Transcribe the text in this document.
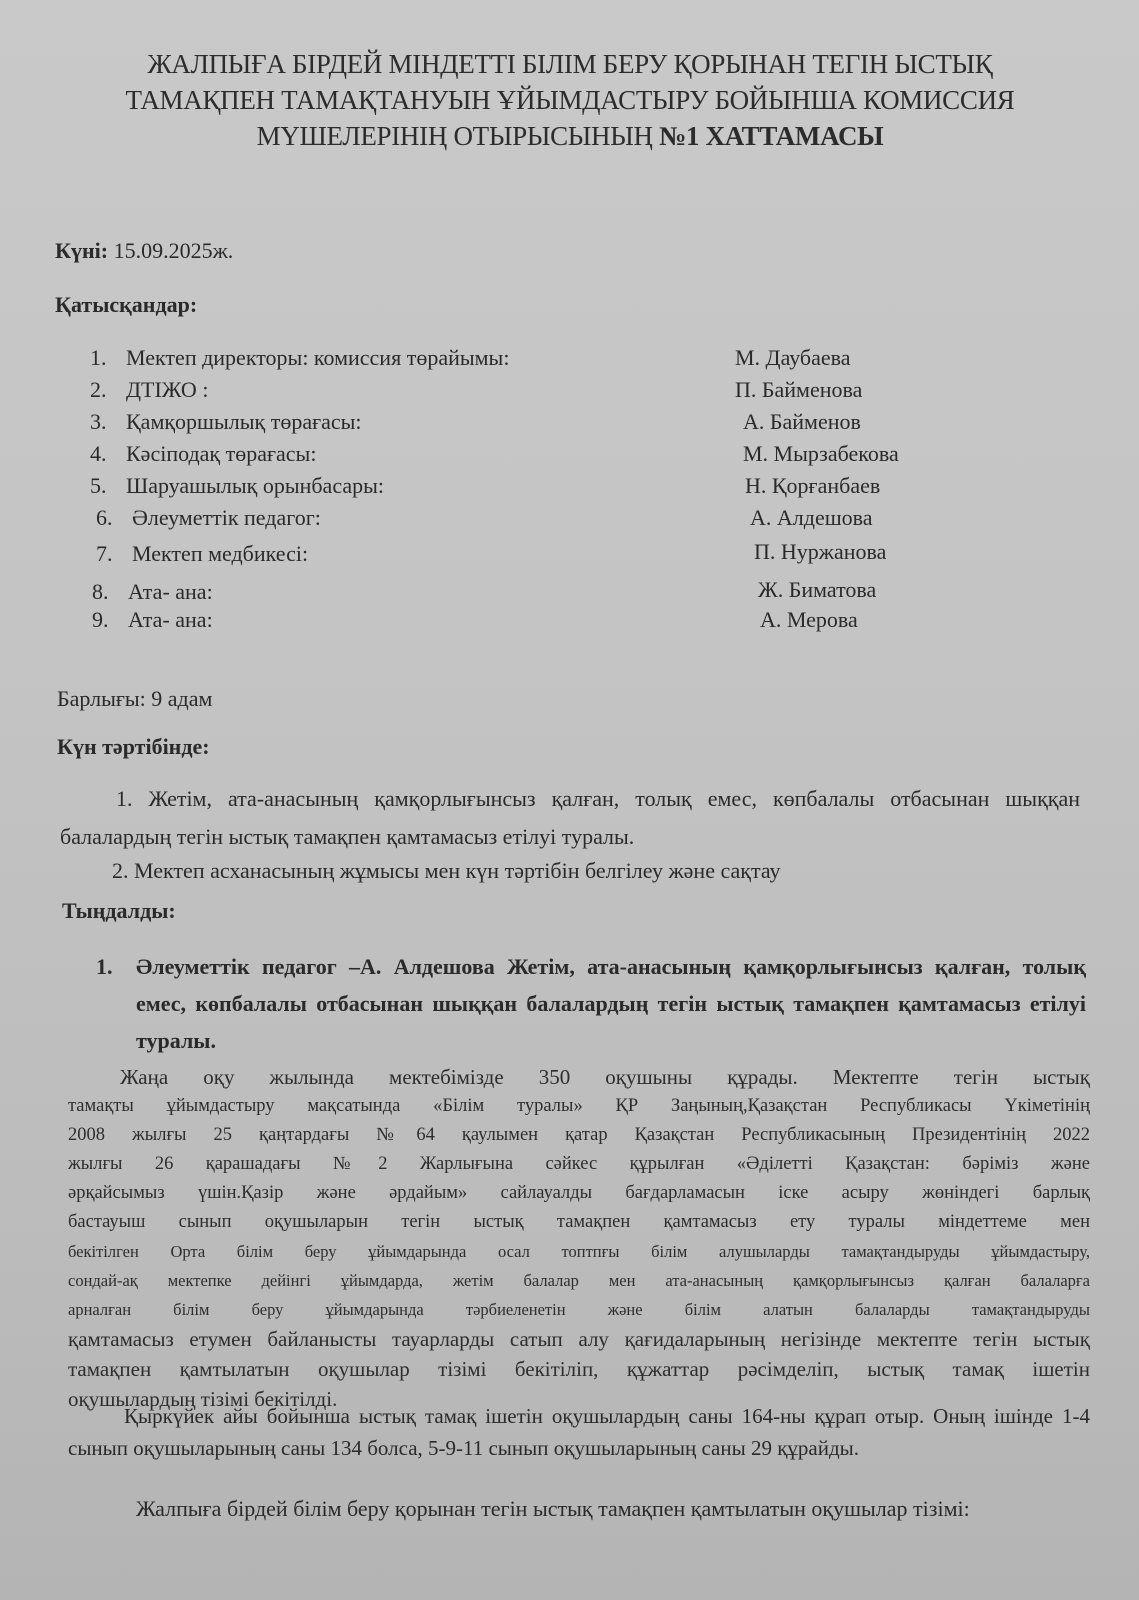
ЖАЛПЫҒА БІРДЕЙ МІНДЕТТІ БІЛІМ БЕРУ ҚОРЫНАН ТЕГІН ЫСТЫҚ
ТАМАҚПЕН ТАМАҚТАНУЫН ҰЙЫМДАСТЫРУ БОЙЫНША КОМИССИЯ
МҮШЕЛЕРІНІҢ ОТЫРЫСЫНЫҢ №1 ХАТТАМАСЫ
Күні: 15.09.2025ж.
Қатысқандар:
1. Мектеп директоры: комиссия төрайымы:	М. Даубаева
2. ДТІЖО :	П. Байменова
3. Қамқоршылық төрағасы:	А. Байменов
4. Кәсіподақ төрағасы:	М. Мырзабекова
5. Шаруашылық орынбасары:	Н. Қорғанбаев
6. Әлеуметтік педагог:	А. Алдешова
7. Мектеп медбикесі:	П. Нуржанова
8. Ата- ана:	Ж. Биматова
9. Ата- ана:	А. Мерова
Барлығы: 9 адам
Күн тәртібінде:
1. Жетім, ата-анасының қамқорлығынсыз қалған, толық емес, көпбалалы отбасынан шыққан балалардың тегін ыстық тамақпен қамтамасыз етілуі туралы.
2. Мектеп асханасының жұмысы мен күн тәртібін белгілеу және сақтау
Тыңдалды:
1. Әлеуметтік педагог –А. Алдешова Жетім, ата-анасының қамқорлығынсыз қалған, толық емес, көпбалалы отбасынан шыққан балалардың тегін ыстық тамақпен қамтамасыз етілуі туралы.
Жаңа оқу жылында мектебімізде 350 оқушыны құрады. Мектепте тегін ыстық
тамақты ұйымдастыру мақсатында «Білім туралы» ҚР Заңының,Қазақстан Республикасы Үкіметінің
2008 жылғы 25 қаңтардағы №64 қаулымен қатар Қазақстан Республикасының Президентінің 2022
жылғы 26 қарашадағы №2 Жарлығына сәйкес құрылған «Әділетті Қазақстан: бәріміз және
әрқайсымыз үшін.Қазір және әрдайым» сайлауалды бағдарламасын іске асыру жөніндегі барлық
бастауыш сынып оқушыларын тегін ыстық тамақпен қамтамасыз ету туралы міндеттеме мен
бекітілген Орта білім беру ұйымдарында осал топтпғы білім алушыларды тамақтандыруды ұйымдастыру,
сондай-ақ мектепке дейінгі ұйымдарда, жетім балалар мен ата-анасының қамқорлығынсыз қалған балаларға
арналған білім беру ұйымдарында тәрбиеленетін және білім алатын балаларды тамақтандыруды
қамтамасыз етумен байланысты тауарларды сатып алу қағидаларының негізінде мектепте тегін ыстық
тамақпен қамтылатын оқушылар тізімі бекітіліп, құжаттар рәсімделіп, ыстық тамақ ішетін
оқушылардың тізімі бекітілді.
Қыркүйек айы бойынша ыстық тамақ ішетін оқушылардың саны 164-ны құрап отыр. Оның ішінде 1-4 сынып оқушыларының саны 134 болса, 5-9-11 сынып оқушыларының саны 29 құрайды.
Жалпыға бірдей білім беру қорынан тегін ыстық тамақпен қамтылатын оқушылар тізімі:
